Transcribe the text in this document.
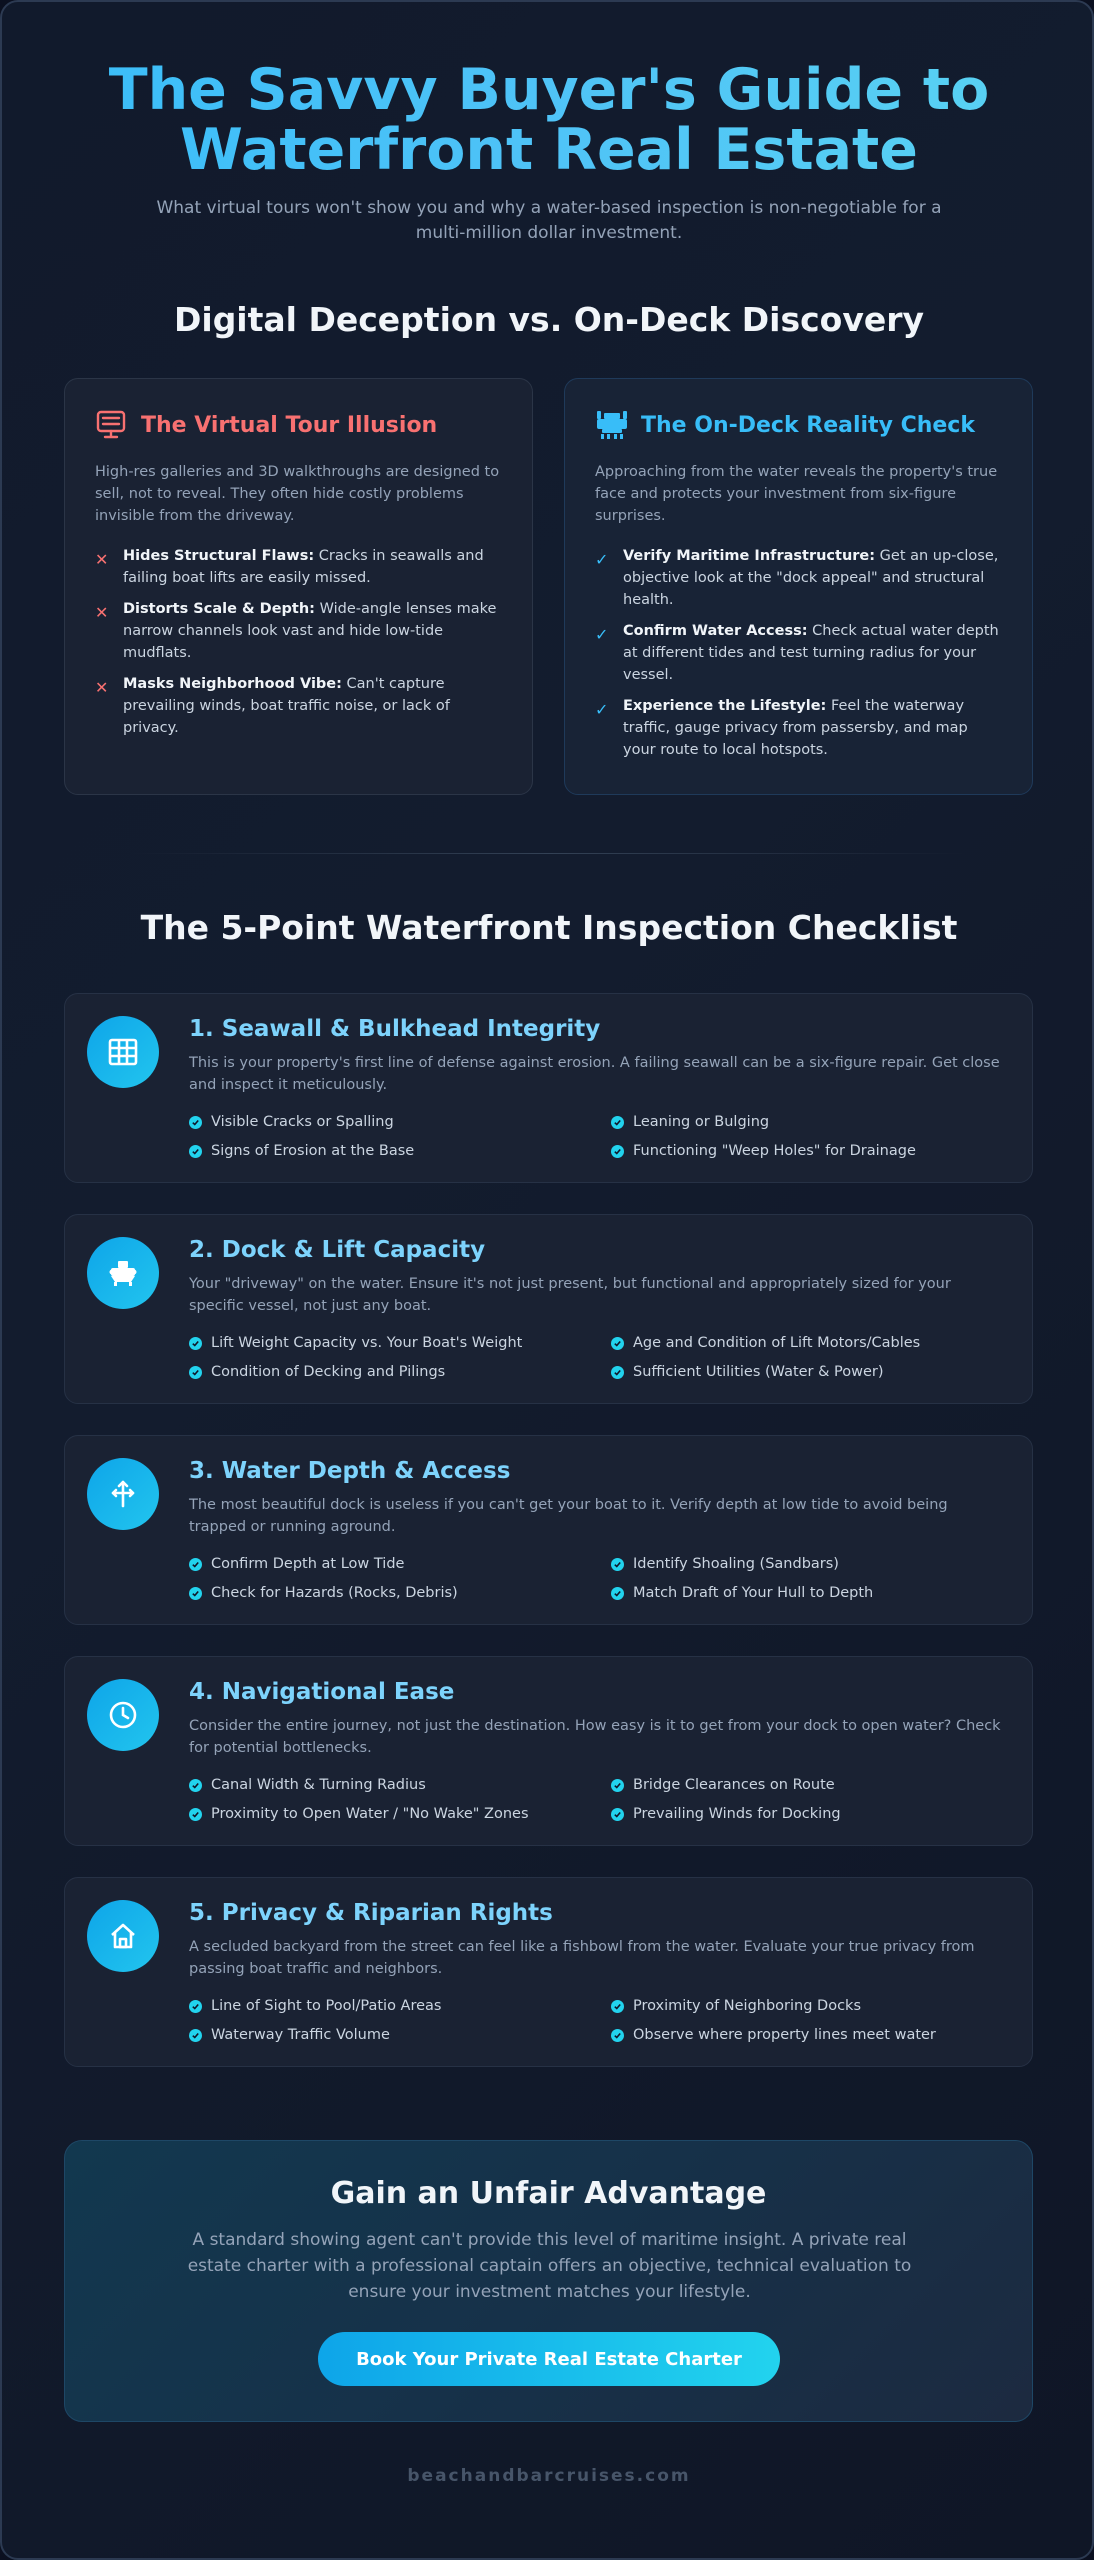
The Savvy Buyer's Guide to
Waterfront Real Estate

What virtual tours won't show you and why a water-based inspection is non-negotiable for a multi-million dollar investment.

Digital Deception vs. On-Deck Discovery
The Virtual Tour Illusion

High-res galleries and 3D walkthroughs are designed to sell, not to reveal. They often hide costly problems invisible from the driveway.

✕	Hides Structural Flaws: Cracks in seawalls and failing boat lifts are easily missed.
✕	Distorts Scale & Depth: Wide-angle lenses make narrow channels look vast and hide low-tide mudflats.
✕	Masks Neighborhood Vibe: Can't capture prevailing winds, boat traffic noise, or lack of privacy.
The On-Deck Reality Check

Approaching from the water reveals the property's true face and protects your investment from six-figure surprises.

✓	Verify Maritime Infrastructure: Get an up-close, objective look at the "dock appeal" and structural health.
✓	Confirm Water Access: Check actual water depth at different tides and test turning radius for your vessel.
✓	Experience the Lifestyle: Feel the waterway traffic, gauge privacy from passersby, and map your route to local hotspots.
The 5-Point Waterfront Inspection Checklist
1. Seawall & Bulkhead Integrity

This is your property's first line of defense against erosion. A failing seawall can be a six-figure repair. Get close and inspect it meticulously.

Visible Cracks or Spalling	Leaning or Bulging
Signs of Erosion at the Base	Functioning "Weep Holes" for Drainage
2. Dock & Lift Capacity

Your "driveway" on the water. Ensure it's not just present, but functional and appropriately sized for your specific vessel, not just any boat.

Lift Weight Capacity vs. Your Boat's Weight	Age and Condition of Lift Motors/Cables
Condition of Decking and Pilings	Sufficient Utilities (Water & Power)
3. Water Depth & Access

The most beautiful dock is useless if you can't get your boat to it. Verify depth at low tide to avoid being trapped or running aground.

Confirm Depth at Low Tide	Identify Shoaling (Sandbars)
Check for Hazards (Rocks, Debris)	Match Draft of Your Hull to Depth
4. Navigational Ease

Consider the entire journey, not just the destination. How easy is it to get from your dock to open water? Check for potential bottlenecks.

Canal Width & Turning Radius	Bridge Clearances on Route
Proximity to Open Water / "No Wake" Zones	Prevailing Winds for Docking
5. Privacy & Riparian Rights

A secluded backyard from the street can feel like a fishbowl from the water. Evaluate your true privacy from passing boat traffic and neighbors.

Line of Sight to Pool/Patio Areas	Proximity of Neighboring Docks
Waterway Traffic Volume	Observe where property lines meet water
Gain an Unfair Advantage

A standard showing agent can't provide this level of maritime insight. A private real estate charter with a professional captain offers an objective, technical evaluation to ensure your investment matches your lifestyle.

Book Your Private Real Estate Charter
beachandbarcruises.com
